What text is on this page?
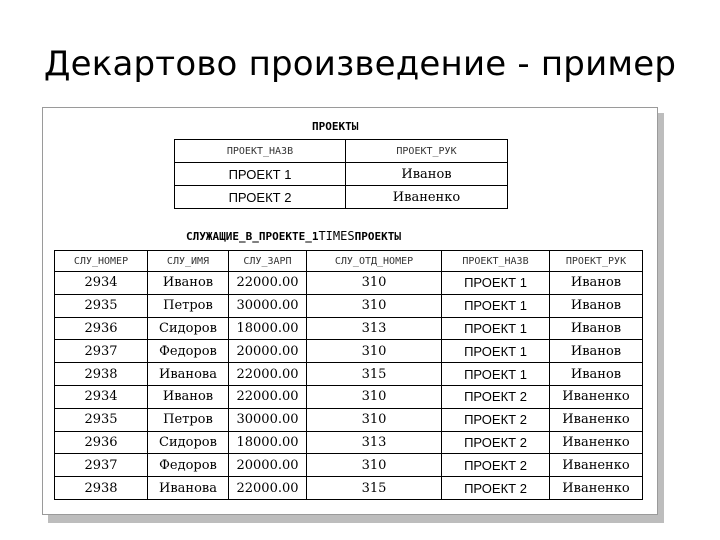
Декартово произведение - пример
ПРОЕКТЫ
ПРОЕКТ_НАЗВ	ПРОЕКТ_РУК
ПРОЕКТ 1	Иванов
ПРОЕКТ 2	Иваненко
СЛУЖАЩИЕ_В_ПРОЕКТЕ_1TIMESПРОЕКТЫ
СЛУ_НОМЕР	СЛУ_ИМЯ	СЛУ_ЗАРП	СЛУ_ОТД_НОМЕР	ПРОЕКТ_НАЗВ	ПРОЕКТ_РУК
2934	Иванов	22000.00	310	ПРОЕКТ 1	Иванов
2935	Петров	30000.00	310	ПРОЕКТ 1	Иванов
2936	Сидоров	18000.00	313	ПРОЕКТ 1	Иванов
2937	Федоров	20000.00	310	ПРОЕКТ 1	Иванов
2938	Иванова	22000.00	315	ПРОЕКТ 1	Иванов
2934	Иванов	22000.00	310	ПРОЕКТ 2	Иваненко
2935	Петров	30000.00	310	ПРОЕКТ 2	Иваненко
2936	Сидоров	18000.00	313	ПРОЕКТ 2	Иваненко
2937	Федоров	20000.00	310	ПРОЕКТ 2	Иваненко
2938	Иванова	22000.00	315	ПРОЕКТ 2	Иваненко
